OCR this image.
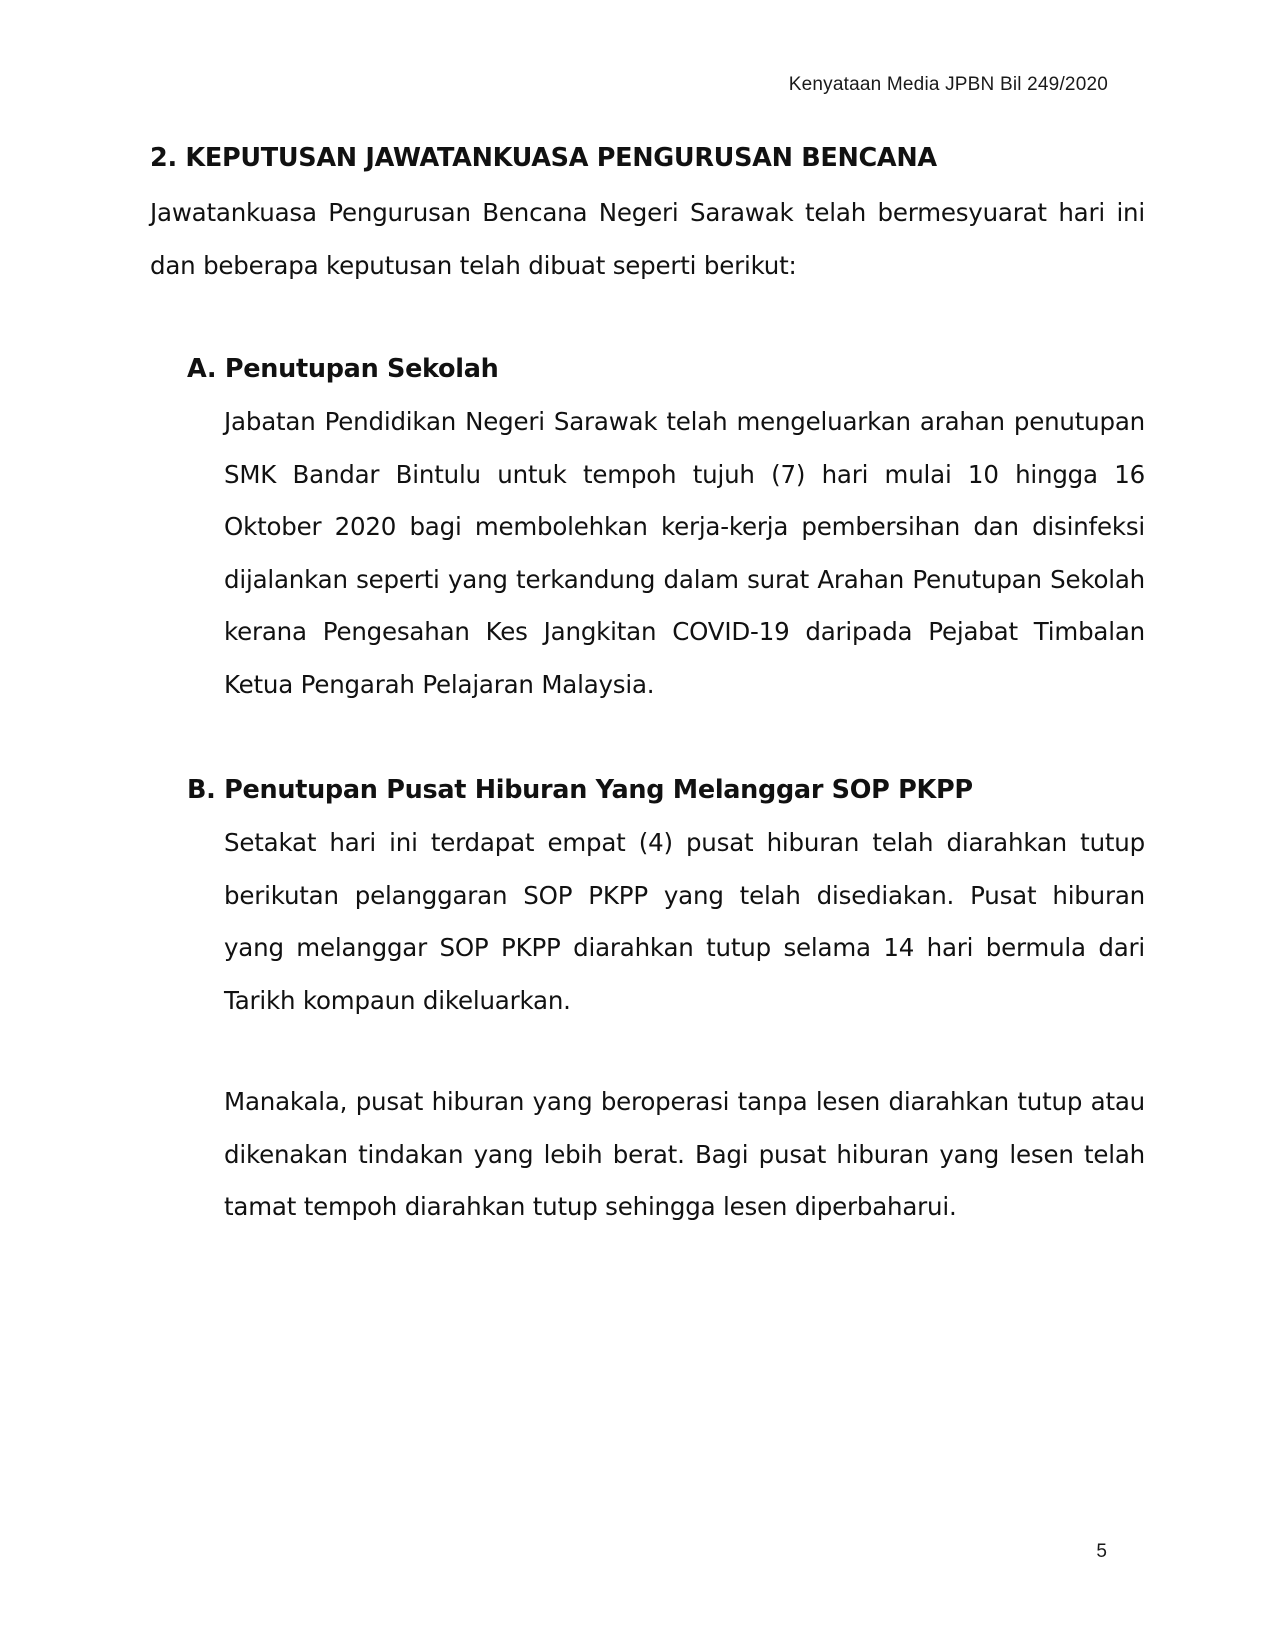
Kenyataan Media JPBN Bil 249/2020
2. KEPUTUSAN JAWATANKUASA PENGURUSAN BENCANA

Jawatankuasa Pengurusan Bencana Negeri Sarawak telah bermesyuarat hari ini dan beberapa keputusan telah dibuat seperti berikut:

A. Penutupan Sekolah

Jabatan Pendidikan Negeri Sarawak telah mengeluarkan arahan penutupan SMK Bandar Bintulu untuk tempoh tujuh (7) hari mulai 10 hingga 16 Oktober 2020 bagi membolehkan kerja-kerja pembersihan dan disinfeksi dijalankan seperti yang terkandung dalam surat Arahan Penutupan Sekolah kerana Pengesahan Kes Jangkitan COVID-19 daripada Pejabat Timbalan Ketua Pengarah Pelajaran Malaysia.

B. Penutupan Pusat Hiburan Yang Melanggar SOP PKPP

Setakat hari ini terdapat empat (4) pusat hiburan telah diarahkan tutup berikutan pelanggaran SOP PKPP yang telah disediakan. Pusat hiburan yang melanggar SOP PKPP diarahkan tutup selama 14 hari bermula dari Tarikh kompaun dikeluarkan.

Manakala, pusat hiburan yang beroperasi tanpa lesen diarahkan tutup atau dikenakan tindakan yang lebih berat. Bagi pusat hiburan yang lesen telah tamat tempoh diarahkan tutup sehingga lesen diperbaharui.

5
